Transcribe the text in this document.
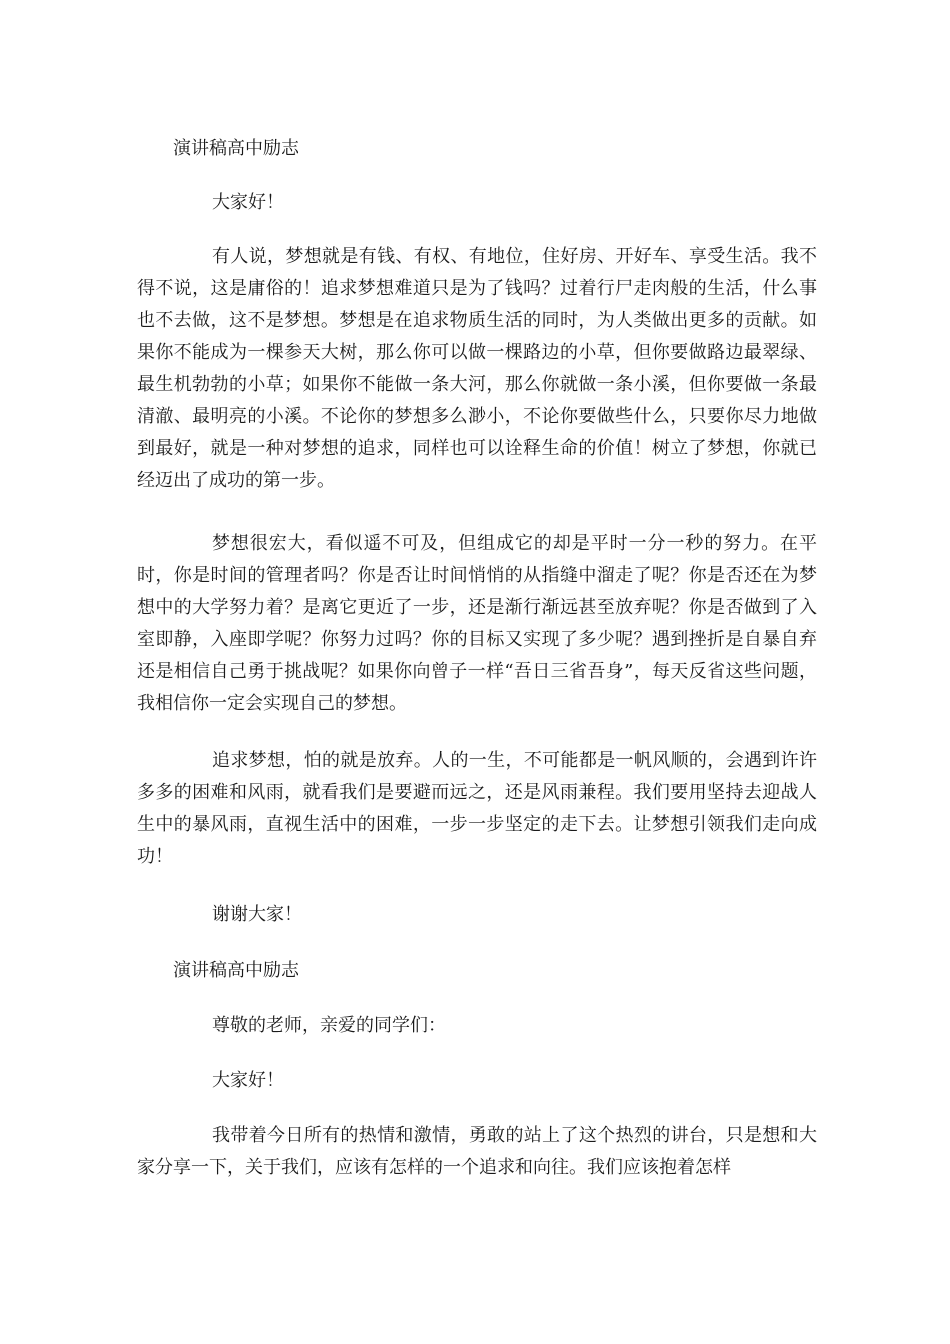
演讲稿高中励志
大家好！

有人说，梦想就是有钱、有权、有地位，住好房、开好车、享受生活。我不得不说，这是庸俗的！追求梦想难道只是为了钱吗？过着行尸走肉般的生活，什么事也不去做，这不是梦想。梦想是在追求物质生活的同时，为人类做出更多的贡献。如果你不能成为一棵参天大树，那么你可以做一棵路边的小草，但你要做路边最翠绿、最生机勃勃的小草；如果你不能做一条大河，那么你就做一条小溪，但你要做一条最清澈、最明亮的小溪。不论你的梦想多么渺小，不论你要做些什么，只要你尽力地做到最好，就是一种对梦想的追求，同样也可以诠释生命的价值！树立了梦想，你就已经迈出了成功的第一步。

梦想很宏大，看似遥不可及，但组成它的却是平时一分一秒的努力。在平时，你是时间的管理者吗？你是否让时间悄悄的从指缝中溜走了呢？你是否还在为梦想中的大学努力着？是离它更近了一步，还是渐行渐远甚至放弃呢？你是否做到了入室即静，入座即学呢？你努力过吗？你的目标又实现了多少呢？遇到挫折是自暴自弃还是相信自己勇于挑战呢？如果你向曾子一样“吾日三省吾身”，每天反省这些问题，我相信你一定会实现自己的梦想。

追求梦想，怕的就是放弃。人的一生，不可能都是一帆风顺的，会遇到许许多多的困难和风雨，就看我们是要避而远之，还是风雨兼程。我们要用坚持去迎战人生中的暴风雨，直视生活中的困难，一步一步坚定的走下去。让梦想引领我们走向成功！

谢谢大家！
演讲稿高中励志
尊敬的老师，亲爱的同学们：
大家好！

我带着今日所有的热情和激情，勇敢的站上了这个热烈的讲台，只是想和大家分享一下，关于我们，应该有怎样的一个追求和向往。我们应该抱着怎样
